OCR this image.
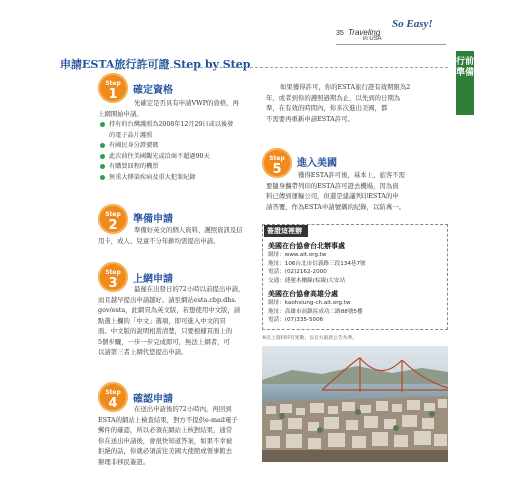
35 Traveling
So Easy!
in USA
行前準備
申請ESTA旅行許可證 Step by Step
Step
1	確定資格
先確定是否具有申請VWP的資格，再
上網開始申請。
持有的台灣護照為2008年12月29日或以後發
的電子晶片護照
有國民身分證號碼
此次前往美國觀光或洽商不超過90天
有購買回程的機票
無重大傳染疾病及重大犯罪紀錄
Step
2	準備申請
準備好英文的個人資料、護照資訊及信
用卡，成人、兒童不分年齡均需提出申請。
Step
3	上網申請
最遲在出發日的72小時以前提出申請，
而且越早提出申請越好。請至網站esta.cbp.dhs.
gov/esta，此網頁為英文版，若想使用中文版，請
點選上欄的「中文」選項，即可進入中文的頁
面。中文版的說明相當清楚，只要根據頁面上的
5個步驟，一步一步完成即可，無法上網者，可
以請第三者上網代您提出申請。
Step
4	確認申請
在送出申請後的72小時內，再回到
ESTA的網站上檢查結果，對方不提供e-mail電子
郵件的確認，所以必須在網站上核對結果，通常
你在送出申請後，會很快知道答案，如果不幸被
拒絕的話，你就必須前往美國大使館或領事館去
辦理非移民簽證。
如果獲得許可，你的ESTA旅行證有效期限為2
年，或者到你的護照過期為止，以先到的日期為
準，在有效的時間內，你多次進出美國，都
不需要再重新申請ESTA許可。
Step
5	進入美國
獲得ESTA許可後，基本上，旅客不需
要隨身攜帶列印的ESTA許可證去機場，因為資
料已傳到運輸公司，但還是建議列印ESTA的申
請答覆，作為ESTA申請號碼的紀錄，以防萬一。
簽證這裡辦
美國在台協會台北辦事處
網址：www.ait.org.tw
地址：106台北市信義路三段134巷7號
電話：(02)2162-2000
交通：捷運木柵線(棕線)大安站
美國在台協會高雄分處
網址：kaohsiung-ch.ait.org.tw
地址：高雄市前鎮區成功二路88號5樓
電話：(07)335-5006
※以上資料時有異動，以官方最新公告為準。
